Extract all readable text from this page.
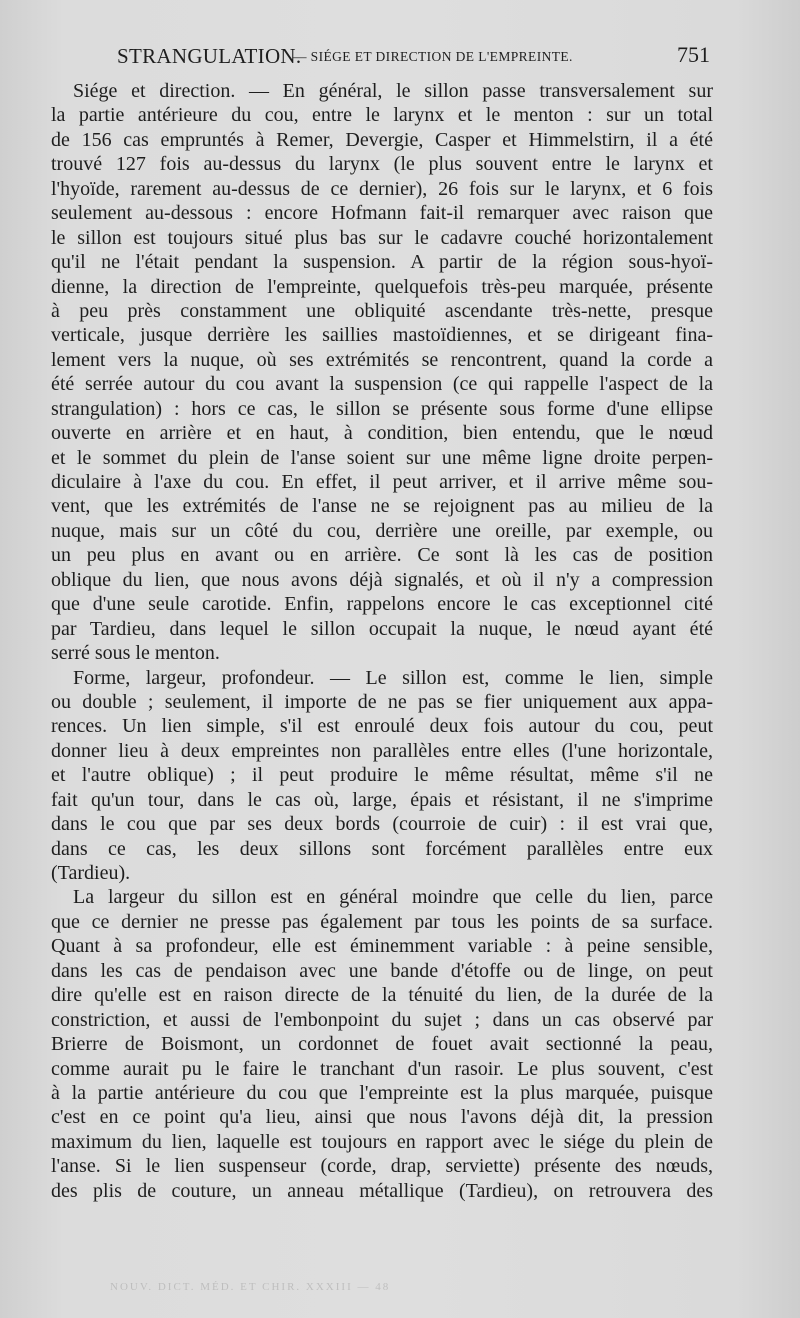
STRANGULATION.
— SIÉGE ET DIRECTION DE L'EMPREINTE.	751
Siége et direction. — En général, le sillon passe transversalement sur
la partie antérieure du cou, entre le larynx et le menton : sur un total
de 156 cas empruntés à Remer, Devergie, Casper et Himmelstirn, il a été
trouvé 127 fois au-dessus du larynx (le plus souvent entre le larynx et
l'hyoïde, rarement au-dessus de ce dernier), 26 fois sur le larynx, et 6 fois
seulement au-dessous : encore Hofmann fait-il remarquer avec raison que
le sillon est toujours situé plus bas sur le cadavre couché horizontalement
qu'il ne l'était pendant la suspension. A partir de la région sous-hyoï-
dienne, la direction de l'empreinte, quelquefois très-peu marquée, présente
à peu près constamment une obliquité ascendante très-nette, presque
verticale, jusque derrière les saillies mastoïdiennes, et se dirigeant fina-
lement vers la nuque, où ses extrémités se rencontrent, quand la corde a
été serrée autour du cou avant la suspension (ce qui rappelle l'aspect de la
strangulation) : hors ce cas, le sillon se présente sous forme d'une ellipse
ouverte en arrière et en haut, à condition, bien entendu, que le nœud
et le sommet du plein de l'anse soient sur une même ligne droite perpen-
diculaire à l'axe du cou. En effet, il peut arriver, et il arrive même sou-
vent, que les extrémités de l'anse ne se rejoignent pas au milieu de la
nuque, mais sur un côté du cou, derrière une oreille, par exemple, ou
un peu plus en avant ou en arrière. Ce sont là les cas de position
oblique du lien, que nous avons déjà signalés, et où il n'y a compression
que d'une seule carotide. Enfin, rappelons encore le cas exceptionnel cité
par Tardieu, dans lequel le sillon occupait la nuque, le nœud ayant été
serré sous le menton.
Forme, largeur, profondeur. — Le sillon est, comme le lien, simple
ou double ; seulement, il importe de ne pas se fier uniquement aux appa-
rences. Un lien simple, s'il est enroulé deux fois autour du cou, peut
donner lieu à deux empreintes non parallèles entre elles (l'une horizontale,
et l'autre oblique) ; il peut produire le même résultat, même s'il ne
fait qu'un tour, dans le cas où, large, épais et résistant, il ne s'imprime
dans le cou que par ses deux bords (courroie de cuir) : il est vrai que,
dans ce cas, les deux sillons sont forcément parallèles entre eux
(Tardieu).
La largeur du sillon est en général moindre que celle du lien, parce
que ce dernier ne presse pas également par tous les points de sa surface.
Quant à sa profondeur, elle est éminemment variable : à peine sensible,
dans les cas de pendaison avec une bande d'étoffe ou de linge, on peut
dire qu'elle est en raison directe de la ténuité du lien, de la durée de la
constriction, et aussi de l'embonpoint du sujet ; dans un cas observé par
Brierre de Boismont, un cordonnet de fouet avait sectionné la peau,
comme aurait pu le faire le tranchant d'un rasoir. Le plus souvent, c'est
à la partie antérieure du cou que l'empreinte est la plus marquée, puisque
c'est en ce point qu'a lieu, ainsi que nous l'avons déjà dit, la pression
maximum du lien, laquelle est toujours en rapport avec le siége du plein de
l'anse. Si le lien suspenseur (corde, drap, serviette) présente des nœuds,
des plis de couture, un anneau métallique (Tardieu), on retrouvera des
NOUV. DICT. MÉD. ET CHIR. XXXIII — 48
